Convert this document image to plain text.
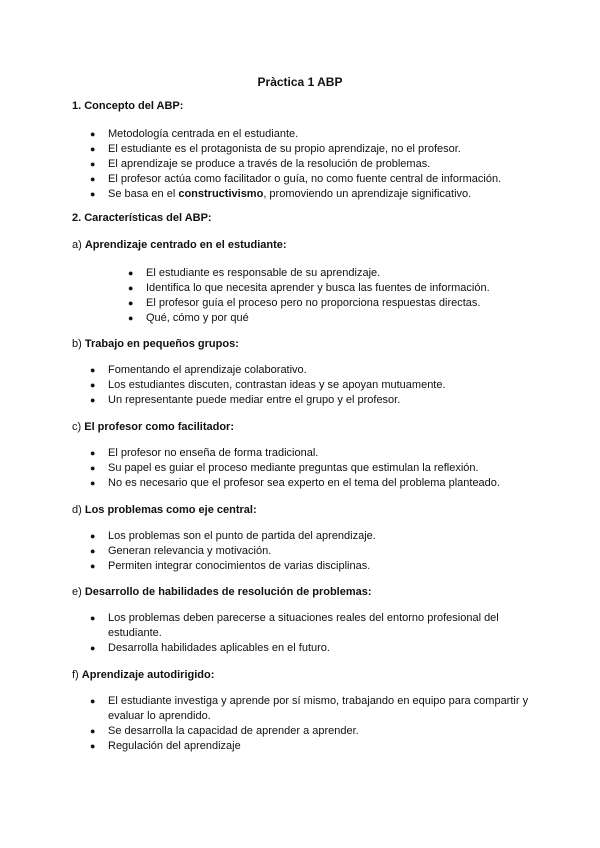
Pràctica 1 ABP
1. Concepto del ABP:
●	Metodología centrada en el estudiante.
●	El estudiante es el protagonista de su propio aprendizaje, no el profesor.
●	El aprendizaje se produce a través de la resolución de problemas.
●	El profesor actúa como facilitador o guía, no como fuente central de información.
●	Se basa en el constructivismo, promoviendo un aprendizaje significativo.
2. Características del ABP:
a) Aprendizaje centrado en el estudiante:
●	El estudiante es responsable de su aprendizaje.
●	Identifica lo que necesita aprender y busca las fuentes de información.
●	El profesor guía el proceso pero no proporciona respuestas directas.
●	Qué, cómo y por qué
b) Trabajo en pequeños grupos:
●	Fomentando el aprendizaje colaborativo.
●	Los estudiantes discuten, contrastan ideas y se apoyan mutuamente.
●	Un representante puede mediar entre el grupo y el profesor.
c) El profesor como facilitador:
●	El profesor no enseña de forma tradicional.
●	Su papel es guiar el proceso mediante preguntas que estimulan la reflexión.
●	No es necesario que el profesor sea experto en el tema del problema planteado.
d) Los problemas como eje central:
●	Los problemas son el punto de partida del aprendizaje.
●	Generan relevancia y motivación.
●	Permiten integrar conocimientos de varias disciplinas.
e) Desarrollo de habilidades de resolución de problemas:
●	Los problemas deben parecerse a situaciones reales del entorno profesional del estudiante.
●	Desarrolla habilidades aplicables en el futuro.
f) Aprendizaje autodirigido:
●	El estudiante investiga y aprende por sí mismo, trabajando en equipo para compartir y evaluar lo aprendido.
●	Se desarrolla la capacidad de aprender a aprender.
●	Regulación del aprendizaje
